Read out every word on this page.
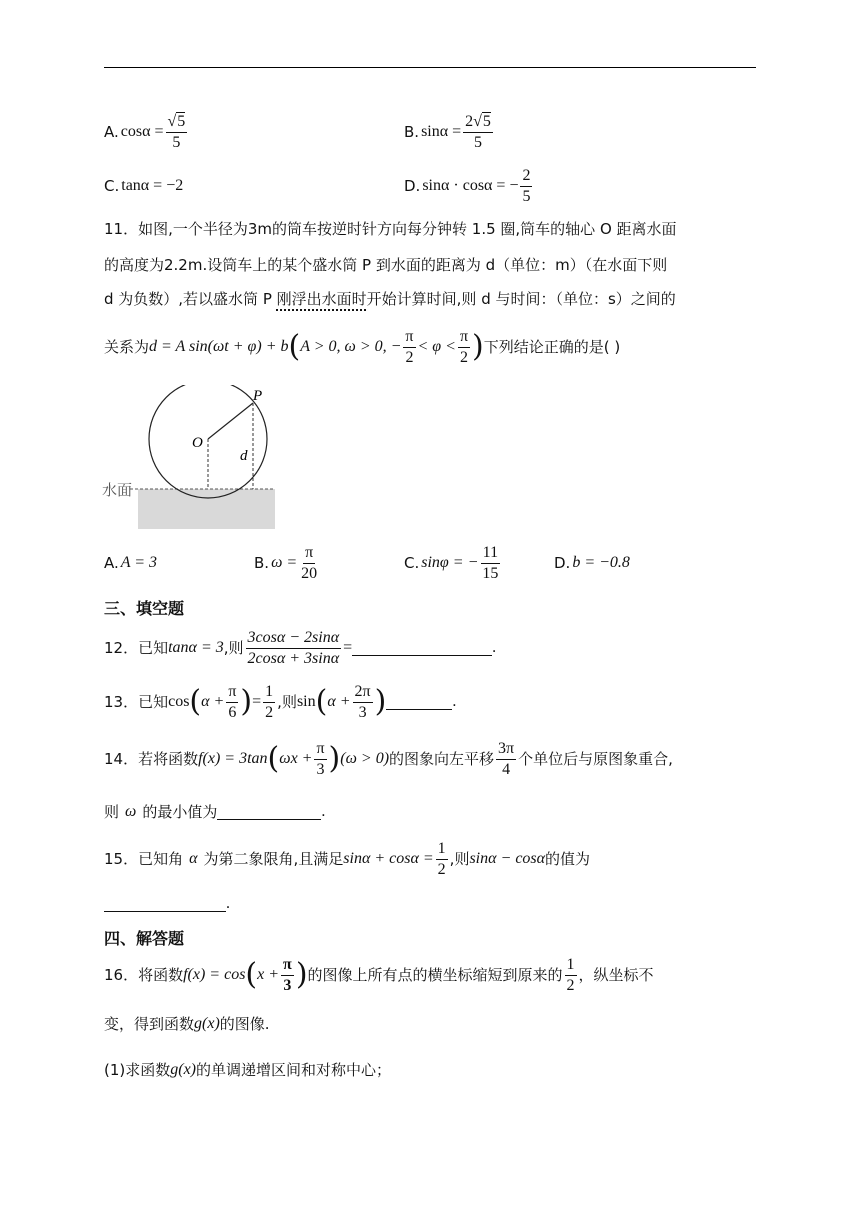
A. $\cos\alpha = \frac{√5}{5}$	B. $\sin\alpha = \frac{2√5}{5}$
C. tanα = −2	D. sinα · cosα = − $\frac{2}{5}$
11．如图,一个半径为3m的筒车按逆时针方向每分钟转 1.5 圈,筒车的轴心 O 距离水面
的高度为2.2m.设筒车上的某个盛水筒 P 到水面的距离为 d（单位：m）（在水面下则
d 为负数）,若以盛水筒 P 刚浮出水面时开始计算时间,则 d 与时间：（单位：s）之间的
关系为 d = A sin(ωt + φ) + b ( A > 0, ω > 0, − $\frac{\pi}{2} < \varphi < \frac{\pi}{2}$ ) 下列结论正确的是( )
P
O
d
水面
A. A = 3	B. $\omega = \frac{\pi}{20}$	C. sinφ = − $\frac{11}{15}$	D. b = −0.8
三、填空题
12．已知 tanα = 3 ,则 $\frac{3\cos\alpha - 2\sin\alpha}{2\cos\alpha + 3\sin\alpha}$ =	.
13．已知 cos ( $\alpha + \frac{\pi}{6}$ ) = $\frac{1}{2}$ ,则 sin ( $\alpha + \frac{2\pi}{3}$ )	.
14．若将函数 f(x) = 3tan ( $\omega x + \frac{\pi}{3}$ ) (ω > 0) 的图象向左平移 $\frac{3\pi}{4}$ 个单位后与原图象重合,
则 ω 的最小值为	.
15．已知角 α 为第二象限角,且满足 $\sin\alpha + \cos\alpha = \frac{1}{2}$ ,则 sinα − cosα 的值为
.
四、解答题
16．将函数 f(x) = cos ( $x + \frac{\pi}{3}$ ) 的图像上所有点的横坐标缩短到原来的 $\frac{1}{2}$ ，纵坐标不
变，得到函数 g(x) 的图像.
(1)求函数 g(x) 的单调递增区间和对称中心；
